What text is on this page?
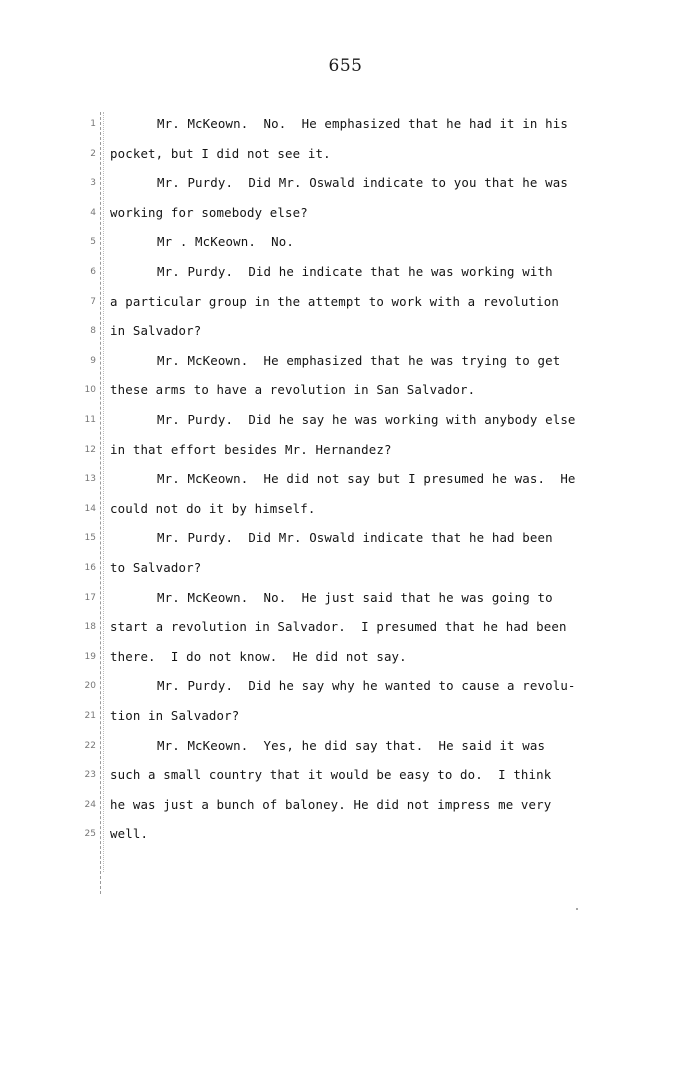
655
1	Mr. McKeown.  No.  He emphasized that he had it in his
2 pocket, but I did not see it.
3	Mr. Purdy.  Did Mr. Oswald indicate to you that he was
4 working for somebody else?
5	Mr . McKeown.  No.
6	Mr. Purdy.  Did he indicate that he was working with
7 a particular group in the attempt to work with a revolution
8 in Salvador?
9	Mr. McKeown.  He emphasized that he was trying to get
10 these arms to have a revolution in San Salvador.
11	Mr. Purdy.  Did he say he was working with anybody else
12 in that effort besides Mr. Hernandez?
13	Mr. McKeown.  He did not say but I presumed he was.  He
14 could not do it by himself.
15	Mr. Purdy.  Did Mr. Oswald indicate that he had been
16 to Salvador?
17	Mr. McKeown.  No.  He just said that he was going to
18 start a revolution in Salvador.  I presumed that he had been
19 there.  I do not know.  He did not say.
20	Mr. Purdy.  Did he say why he wanted to cause a revolu-
21 tion in Salvador?
22	Mr. McKeown.  Yes, he did say that.  He said it was
23 such a small country that it would be easy to do.  I think
24 he was just a bunch of baloney. He did not impress me very
25 well.
